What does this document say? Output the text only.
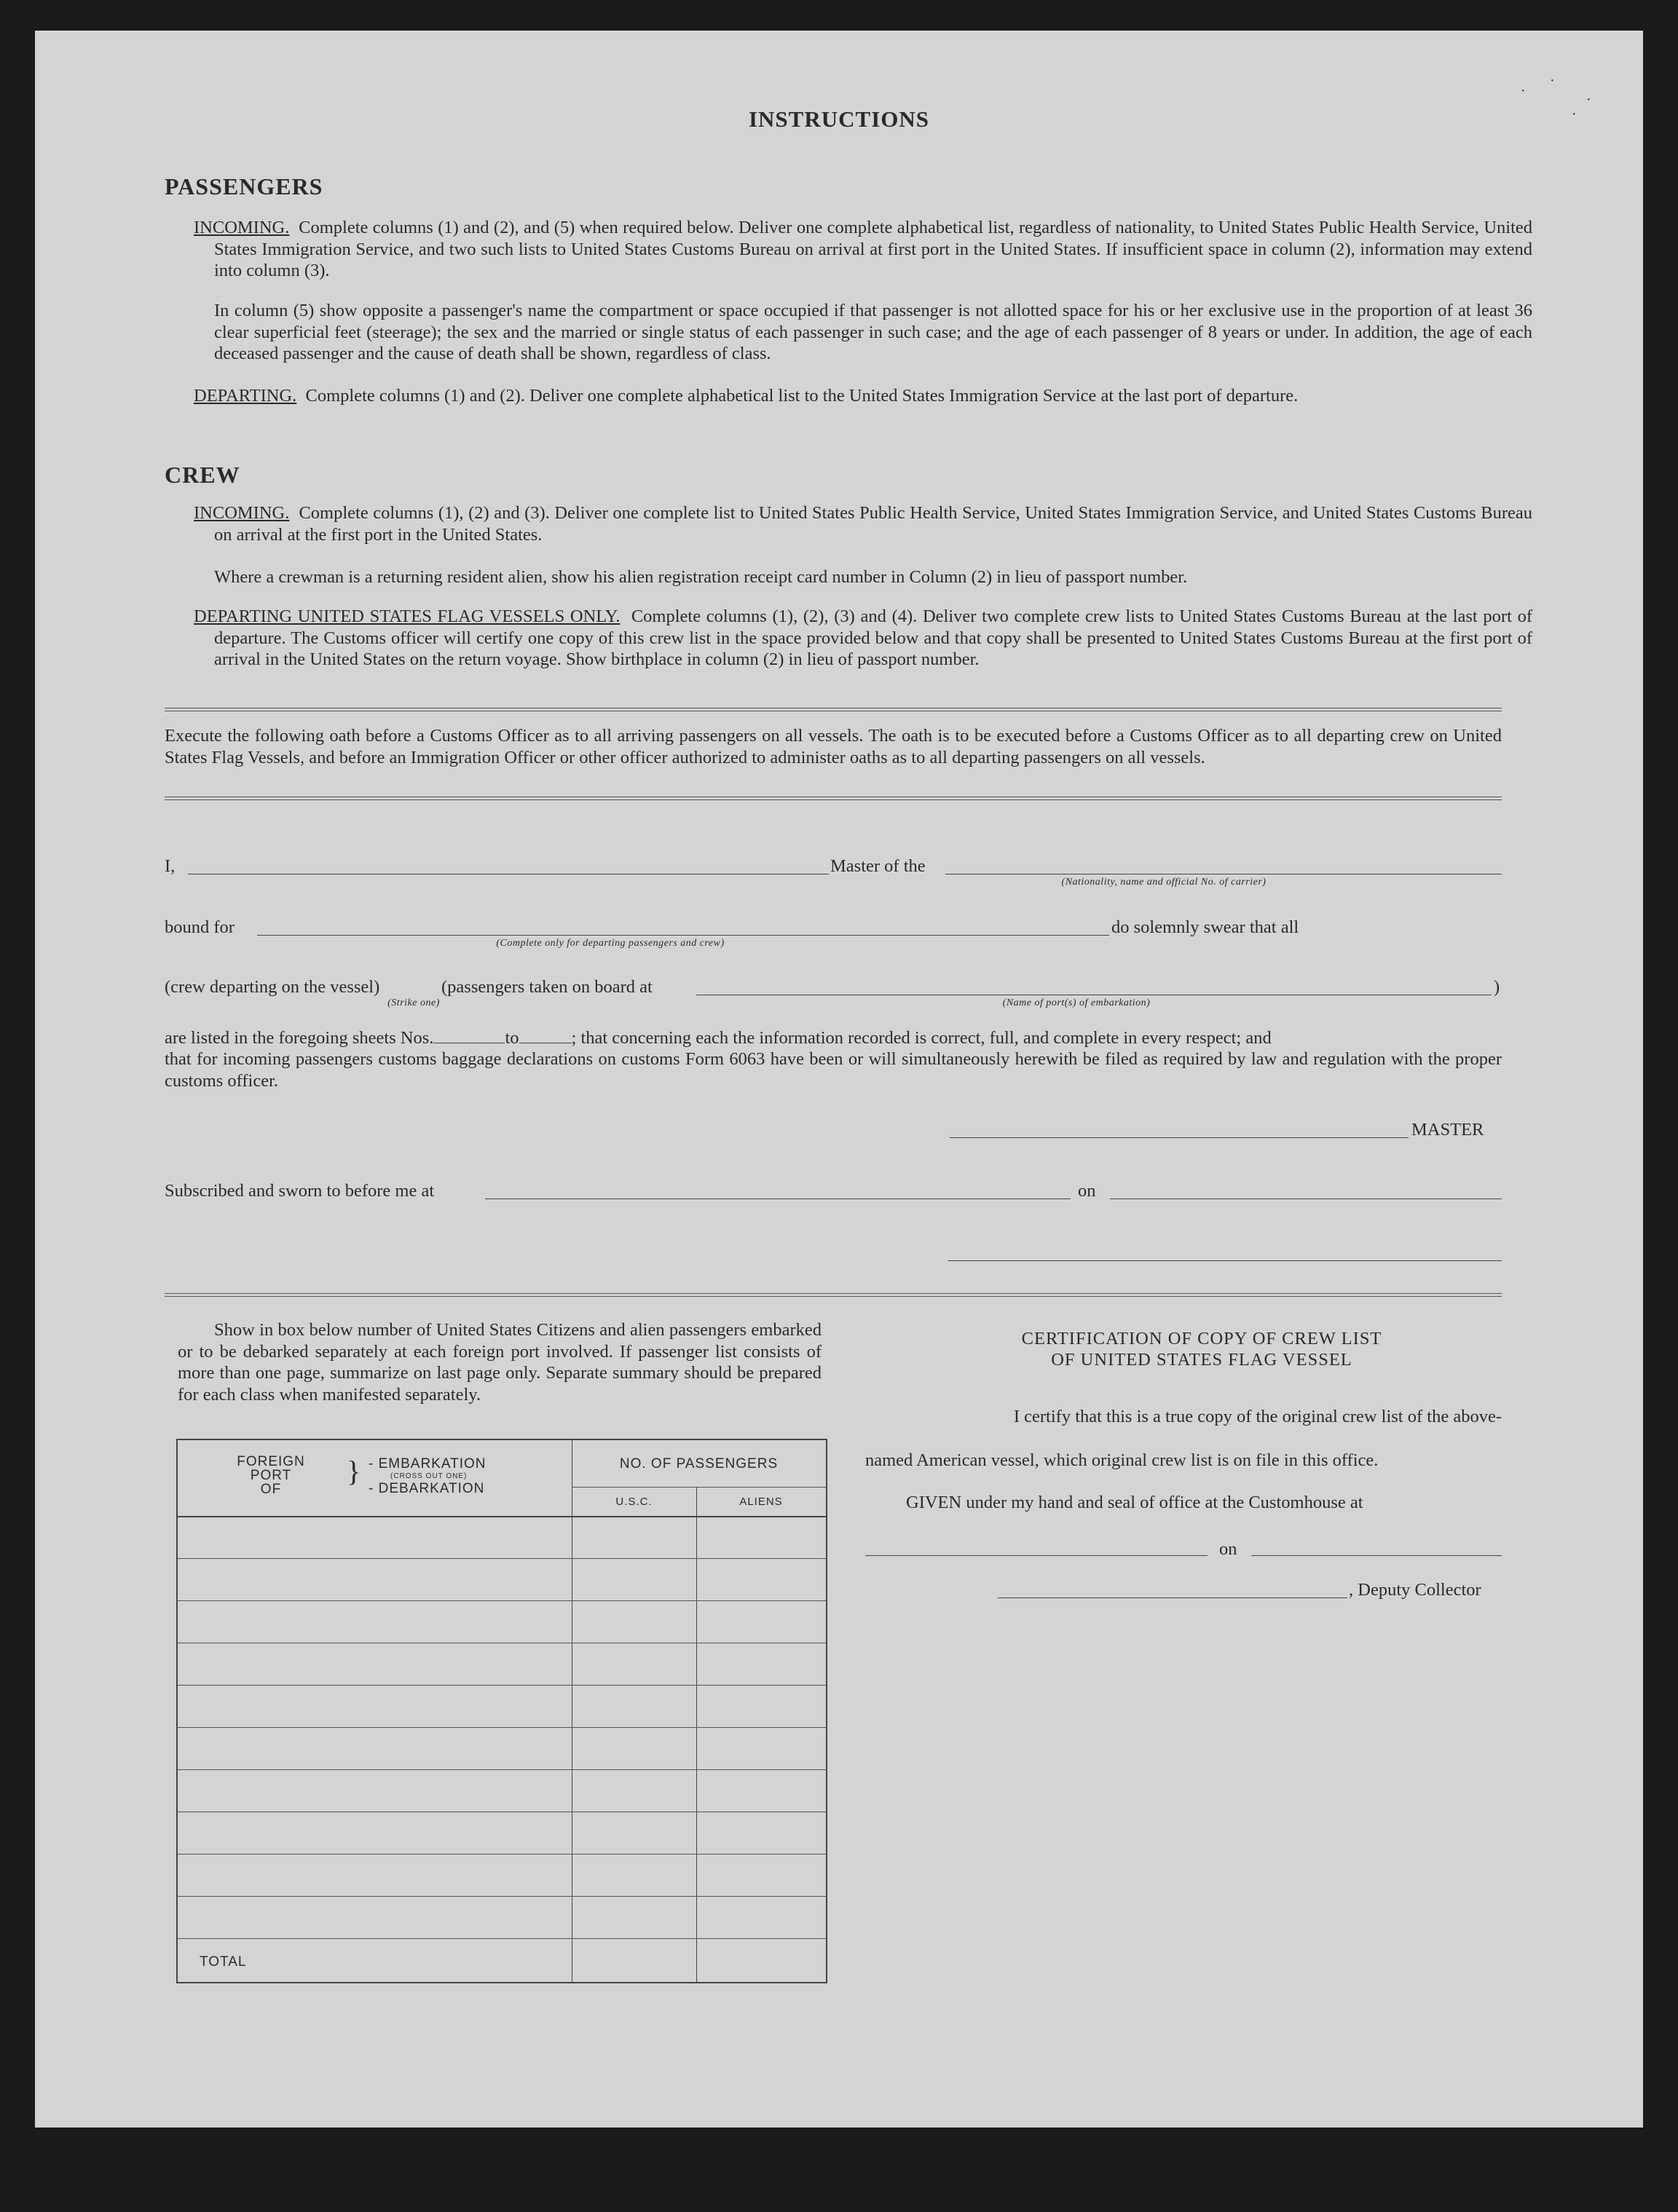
INSTRUCTIONS
PASSENGERS
INCOMING. Complete columns (1) and (2), and (5) when required below. Deliver one complete alphabetical list, regardless of nationality, to United States Public Health Service, United States Immigration Service, and two such lists to United States Customs Bureau on arrival at first port in the United States. If insufficient space in column (2), information may extend into column (3).
In column (5) show opposite a passenger's name the compartment or space occupied if that passenger is not allotted space for his or her exclusive use in the proportion of at least 36 clear superficial feet (steerage); the sex and the married or single status of each passenger in such case; and the age of each passenger of 8 years or under. In addition, the age of each deceased passenger and the cause of death shall be shown, regardless of class.
DEPARTING. Complete columns (1) and (2). Deliver one complete alphabetical list to the United States Immigration Service at the last port of departure.
CREW
INCOMING. Complete columns (1), (2) and (3). Deliver one complete list to United States Public Health Service, United States Immigration Service, and United States Customs Bureau on arrival at the first port in the United States.
Where a crewman is a returning resident alien, show his alien registration receipt card number in Column (2) in lieu of passport number.
DEPARTING UNITED STATES FLAG VESSELS ONLY. Complete columns (1), (2), (3) and (4). Deliver two complete crew lists to United States Customs Bureau at the last port of departure. The Customs officer will certify one copy of this crew list in the space provided below and that copy shall be presented to United States Customs Bureau at the first port of arrival in the United States on the return voyage. Show birthplace in column (2) in lieu of passport number.
Execute the following oath before a Customs Officer as to all arriving passengers on all vessels. The oath is to be executed before a Customs Officer as to all departing crew on United States Flag Vessels, and before an Immigration Officer or other officer authorized to administer oaths as to all departing passengers on all vessels.
I,	Master of the
(Nationality, name and official No. of carrier)
bound for
(Complete only for departing passengers and crew)
do solemnly swear that all
(crew departing on the vessel)	(passengers taken on board at	)
(Strike one)	(Name of port(s) of embarkation)
are listed in the foregoing sheets Nos.	to	; that concerning each the information recorded is correct, full, and complete in every respect; and
that for incoming passengers customs baggage declarations on customs Form 6063 have been or will simultaneously herewith be filed as required by law and regulation with the proper customs officer.
MASTER
Subscribed and sworn to before me at	on
Show in box below number of United States Citizens and alien passengers embarked or to be debarked separately at each foreign port involved. If passenger list consists of more than one page, summarize on last page only. Separate summary should be prepared for each class when manifested separately.
FOREIGN
PORT
OF
} - EMBARKATION
(CROSS OUT ONE)
- DEBARKATION
NO. OF PASSENGERS
U.S.C.	ALIENS
TOTAL
CERTIFICATION OF COPY OF CREW LIST
OF UNITED STATES FLAG VESSEL
I certify that this is a true copy of the original crew list of the above-
named American vessel, which original crew list is on file in this office.
GIVEN under my hand and seal of office at the Customhouse at
on
, Deputy Collector
·
·
·
·
